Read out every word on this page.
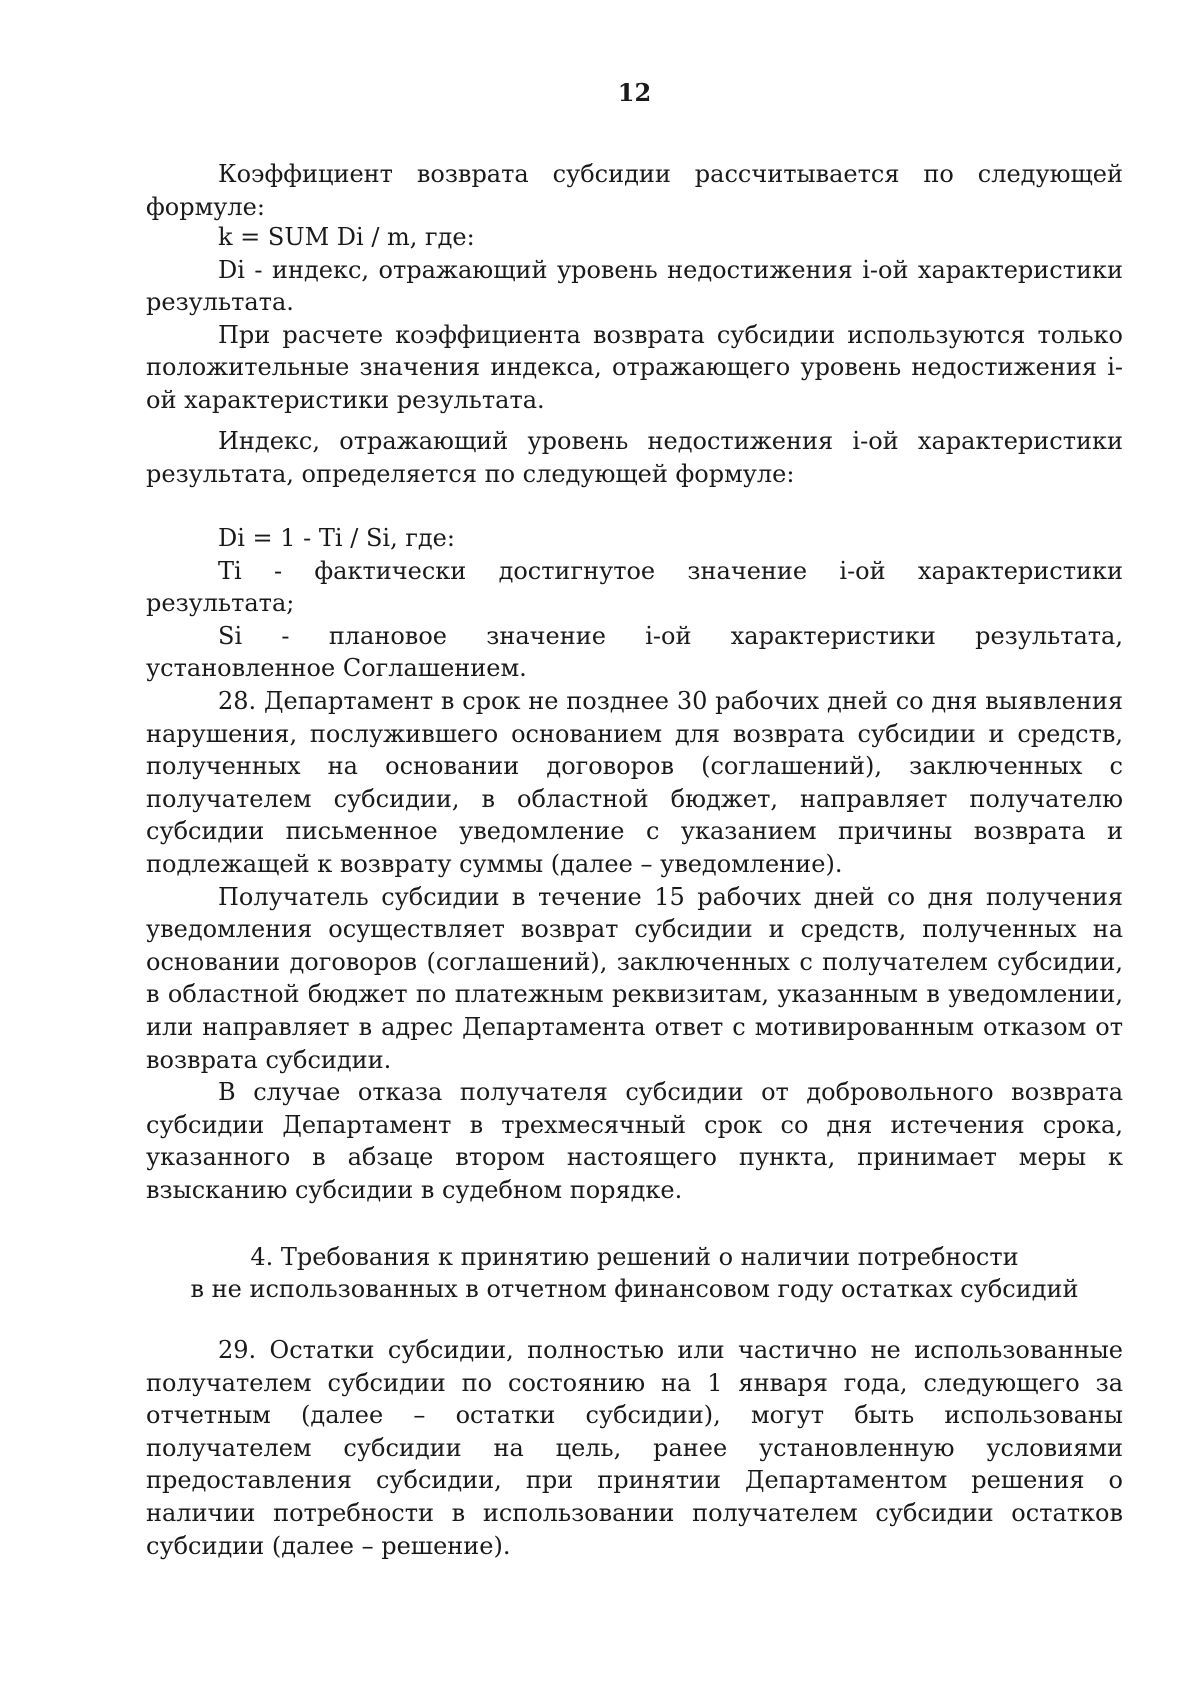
12

Коэффициент возврата субсидии рассчитывается по следующей формуле:

k = SUM Di / m, где:

Di - индекс, отражающий уровень недостижения i-ой характеристики результата.

При расчете коэффициента возврата субсидии используются только положительные значения индекса, отражающего уровень недостижения i-ой характеристики результата.

Индекс, отражающий уровень недостижения i-ой характеристики результата, определяется по следующей формуле:

Di = 1 - Ti / Si, где:

Ti - фактически достигнутое значение i-ой характеристики результата;

Si - плановое значение i-ой характеристики результата, установленное Соглашением.

28. Департамент в срок не позднее 30 рабочих дней со дня выявления нарушения, послужившего основанием для возврата субсидии и средств, полученных на основании договоров (соглашений), заключенных с получателем субсидии, в областной бюджет, направляет получателю субсидии письменное уведомление с указанием причины возврата и подлежащей к возврату суммы (далее – уведомление).

Получатель субсидии в течение 15 рабочих дней со дня получения уведомления осуществляет возврат субсидии и средств, полученных на основании договоров (соглашений), заключенных с получателем субсидии, в областной бюджет по платежным реквизитам, указанным в уведомлении, или направляет в адрес Департамента ответ с мотивированным отказом от возврата субсидии.

В случае отказа получателя субсидии от добровольного возврата субсидии Департамент в трехмесячный срок со дня истечения срока, указанного в абзаце втором настоящего пункта, принимает меры к взысканию субсидии в судебном порядке.

4. Требования к принятию решений о наличии потребности

в не использованных в отчетном финансовом году остатках субсидий

29. Остатки субсидии, полностью или частично не использованные получателем субсидии по состоянию на 1 января года, следующего за отчетным (далее – остатки субсидии), могут быть использованы получателем субсидии на цель, ранее установленную условиями предоставления субсидии, при принятии Департаментом решения о наличии потребности в использовании получателем субсидии остатков субсидии (далее – решение).
